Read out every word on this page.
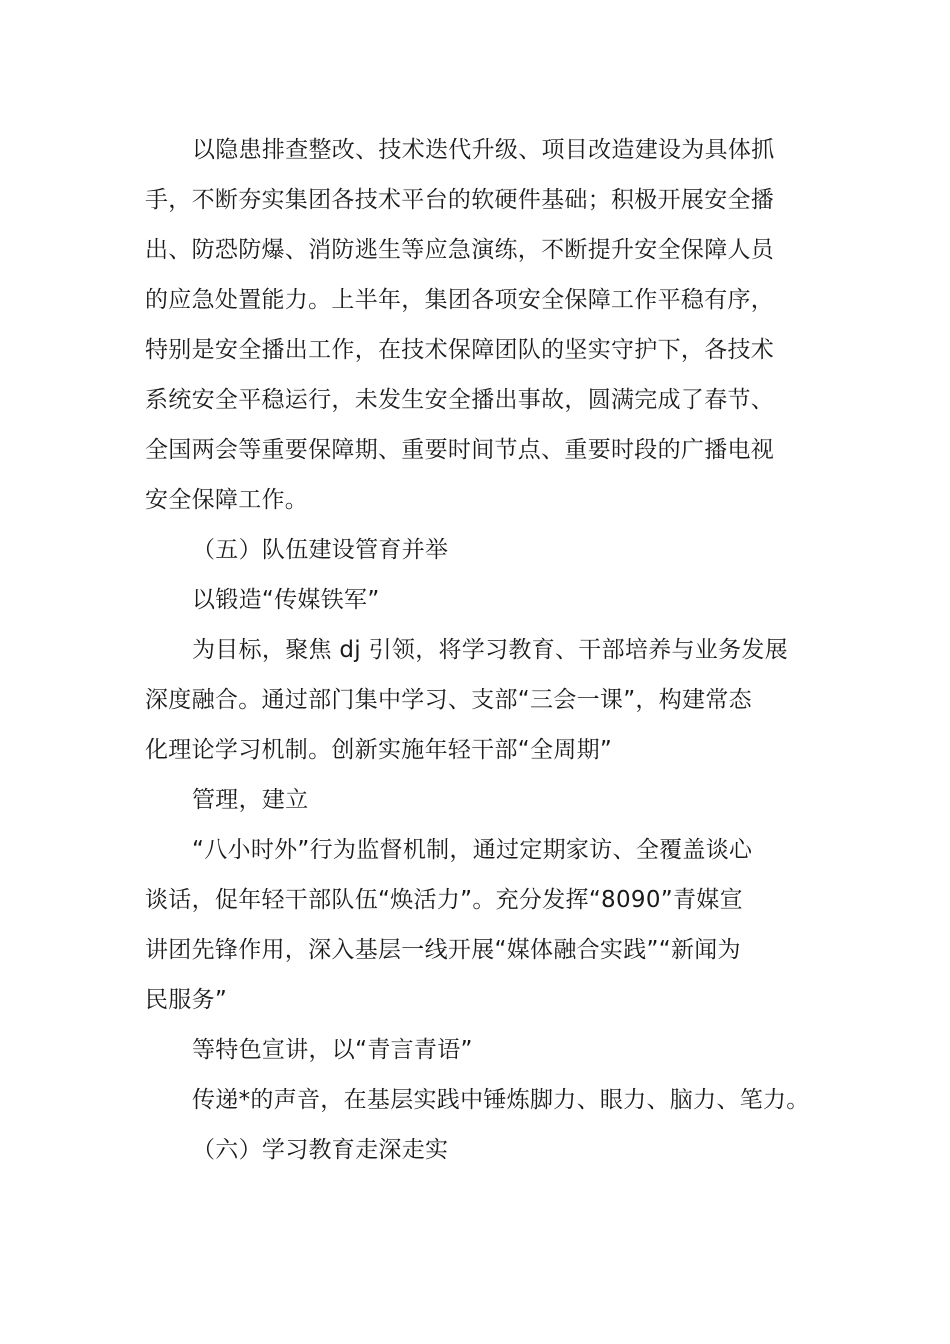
以隐患排查整改、技术迭代升级、项目改造建设为具体抓
手，不断夯实集团各技术平台的软硬件基础；积极开展安全播
出、防恐防爆、消防逃生等应急演练，不断提升安全保障人员
的应急处置能力。上半年，集团各项安全保障工作平稳有序，
特别是安全播出工作，在技术保障团队的坚实守护下，各技术
系统安全平稳运行，未发生安全播出事故，圆满完成了春节、
全国两会等重要保障期、重要时间节点、重要时段的广播电视
安全保障工作。
（五）队伍建设管育并举
以锻造“传媒铁军”
为目标，聚焦 dj 引领，将学习教育、干部培养与业务发展
深度融合。通过部门集中学习、支部“三会一课”，构建常态
化理论学习机制。创新实施年轻干部“全周期”
管理，建立
“八小时外”行为监督机制，通过定期家访、全覆盖谈心
谈话，促年轻干部队伍“焕活力”。充分发挥“8090”青媒宣
讲团先锋作用，深入基层一线开展“媒体融合实践”“新闻为
民服务”
等特色宣讲，以“青言青语”
传递*的声音，在基层实践中锤炼脚力、眼力、脑力、笔力。
（六）学习教育走深走实
